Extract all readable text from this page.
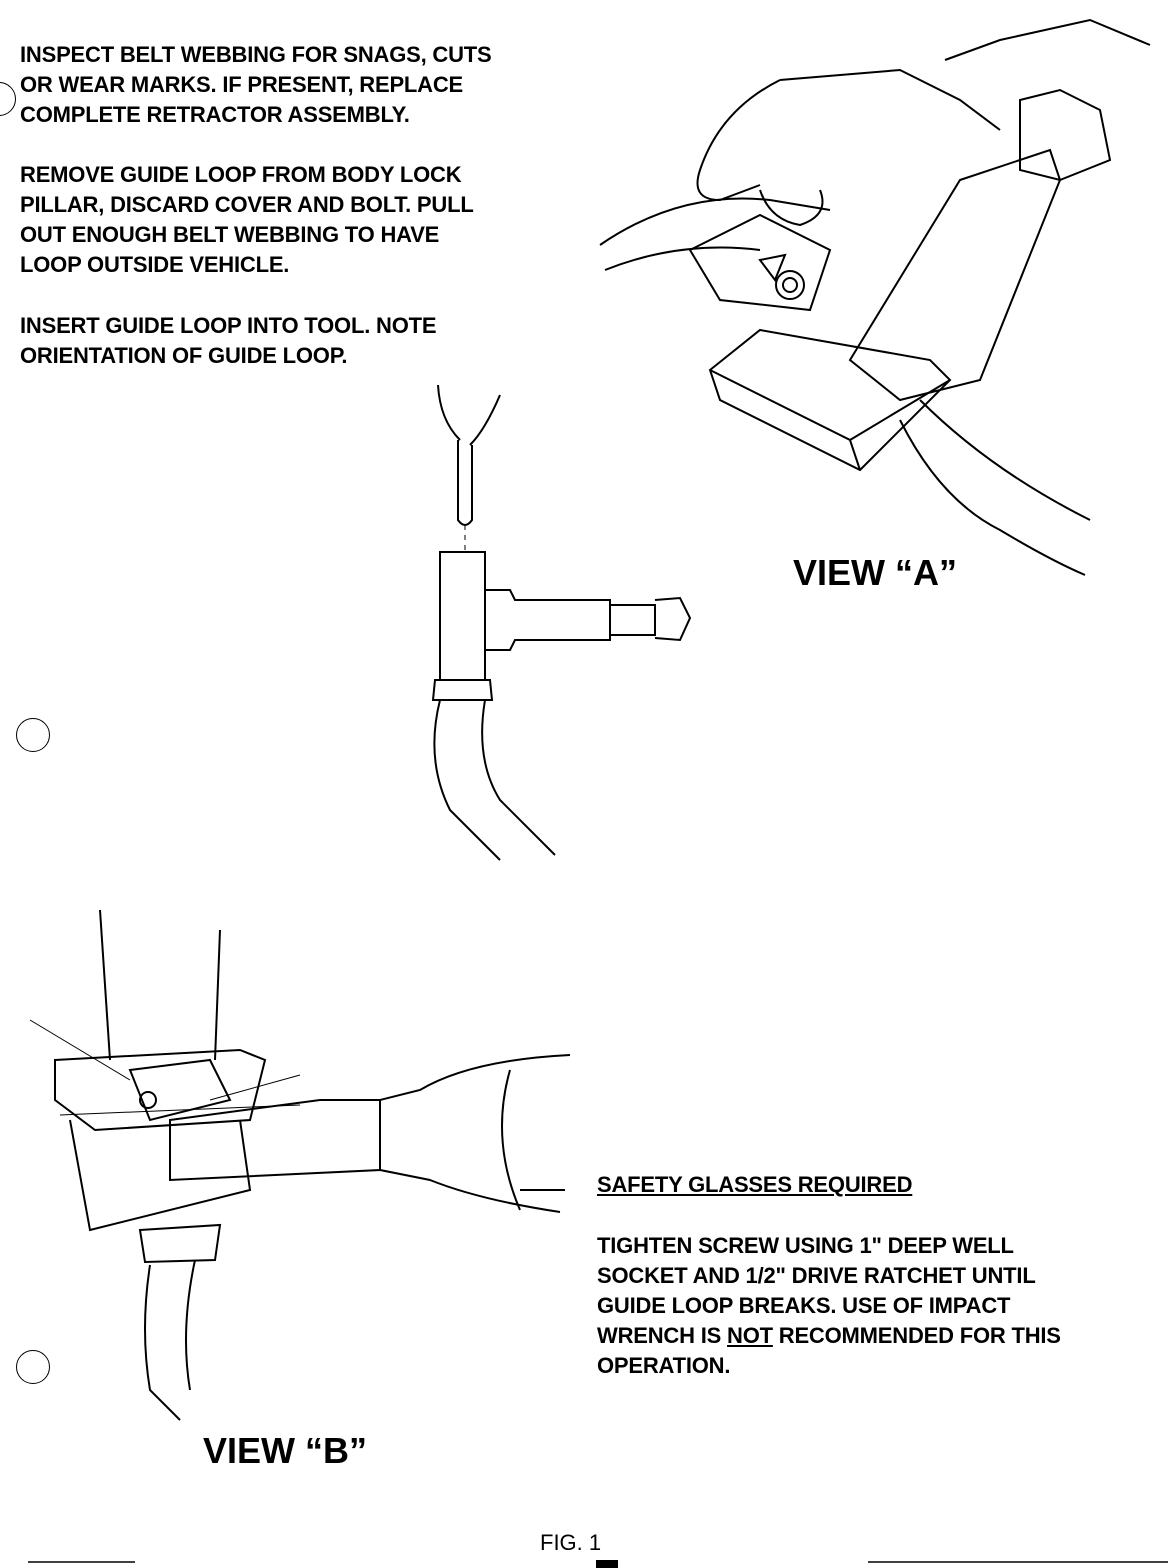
INSPECT BELT WEBBING FOR SNAGS, CUTS
OR WEAR MARKS. IF PRESENT, REPLACE
COMPLETE RETRACTOR ASSEMBLY.
REMOVE GUIDE LOOP FROM BODY LOCK
PILLAR, DISCARD COVER AND BOLT. PULL
OUT ENOUGH BELT WEBBING TO HAVE
LOOP OUTSIDE VEHICLE.
INSERT GUIDE LOOP INTO TOOL. NOTE
ORIENTATION OF GUIDE LOOP.
VIEW “A”
VIEW “B”
SAFETY GLASSES REQUIRED
TIGHTEN SCREW USING 1" DEEP WELL
SOCKET AND 1/2" DRIVE RATCHET UNTIL
GUIDE LOOP BREAKS. USE OF IMPACT
WRENCH IS NOT RECOMMENDED FOR THIS
OPERATION.
FIG. 1
